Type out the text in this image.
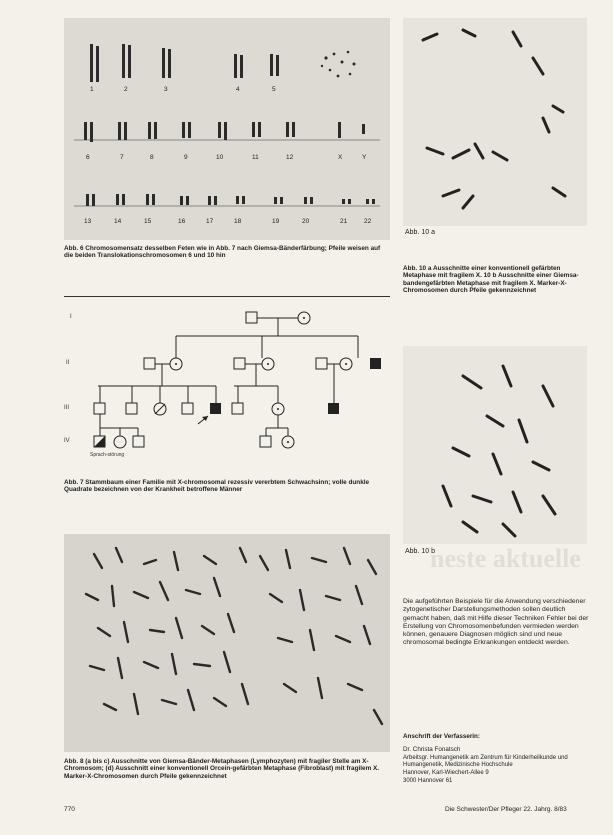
1	2	3	4	5
6	7	8	9	10	11	12	X	Y
13	14	15	16	17	18	19	20	21	22
Abb. 6 Chromosomensatz desselben Feten wie in Abb. 7 nach Giemsa-Bänderfärbung; Pfeile weisen auf die beiden Translokationschromosomen 6 und 10 hin
I
II
III
IV
Sprach-störung
Abb. 7 Stammbaum einer Familie mit X-chromosomal rezessiv vererbtem Schwachsinn; volle dunkle Quadrate bezeichnen von der Krankheit betroffene Männer
Abb. 8 (a bis c) Ausschnitte von Giemsa-Bänder-Metaphasen (Lymphozyten) mit fragiler Stelle am X-Chromosom; (d) Ausschnitt einer konventionell Orcein-gefärbten Metaphase (Fibroblast) mit fragilem X. Marker-X-Chromosomen durch Pfeile gekennzeichnet
Abb. 10 a
Abb. 10 a Ausschnitte einer konventionell gefärbten Metaphase mit fragilem X. 10 b Ausschnitte einer Giemsa-bandengefärbten Metaphase mit fragilem X. Marker-X-Chromosomen durch Pfeile gekennzeichnet
Abb. 10 b
neste aktuelle
Die aufgeführten Beispiele für die Anwendung verschiedener zytogenetischer Darstellungsmethoden sollen deutlich gemacht haben, daß mit Hilfe dieser Techniken Fehler bei der Erstellung von Chromosomenbefunden vermieden werden können, genauere Diagnosen möglich sind und neue chromosomal bedingte Erkrankungen entdeckt werden.
Anschrift der Verfasserin:
Dr. Christa Fonatsch
Arbeitsgr. Humangenetik am Zentrum für Kinderheilkunde und Humangenetik, Medizinische Hochschule
Hannover, Karl-Wiechert-Allee 9
3000 Hannover 61
770	Die Schwester/Der Pfleger 22. Jahrg. 8/83
